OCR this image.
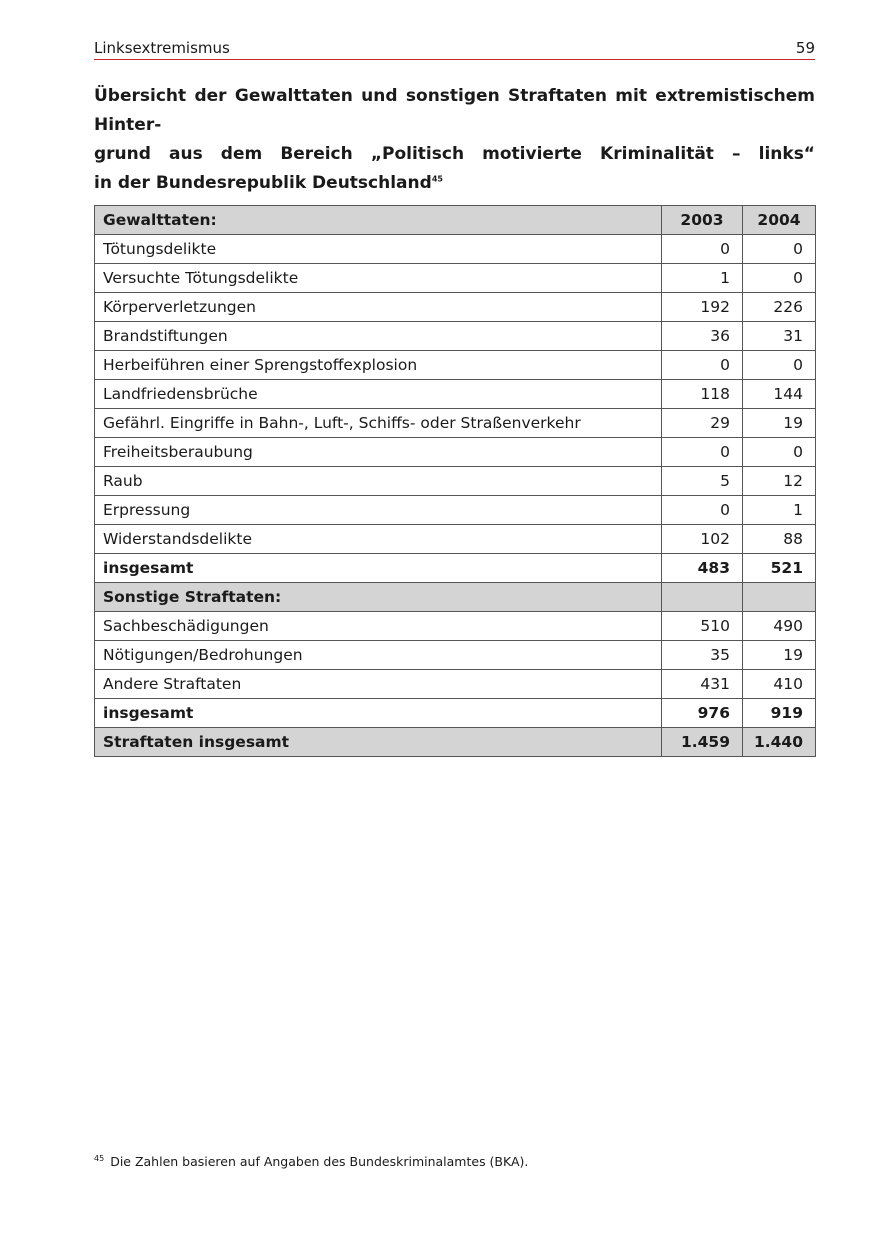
Linksextremismus	59
Übersicht der Gewalttaten und sonstigen Straftaten mit extremistischem Hinter-
grund aus dem Bereich „Politisch motivierte Kriminalität – links“
in der Bundesrepublik Deutschland$^{45}$
Gewalttaten:	2003	2004
Tötungsdelikte	0	0
Versuchte Tötungsdelikte	1	0
Körperverletzungen	192	226
Brandstiftungen	36	31
Herbeiführen einer Sprengstoffexplosion	0	0
Landfriedensbrüche	118	144
Gefährl. Eingriffe in Bahn-, Luft-, Schiffs- oder Straßenverkehr	29	19
Freiheitsberaubung	0	0
Raub	5	12
Erpressung	0	1
Widerstandsdelikte	102	88
insgesamt	483	521
Sonstige Straftaten:		
Sachbeschädigungen	510	490
Nötigungen/Bedrohungen	35	19
Andere Straftaten	431	410
insgesamt	976	919
Straftaten insgesamt	1.459	1.440
$^{45}$ Die Zahlen basieren auf Angaben des Bundeskriminalamtes (BKA).
